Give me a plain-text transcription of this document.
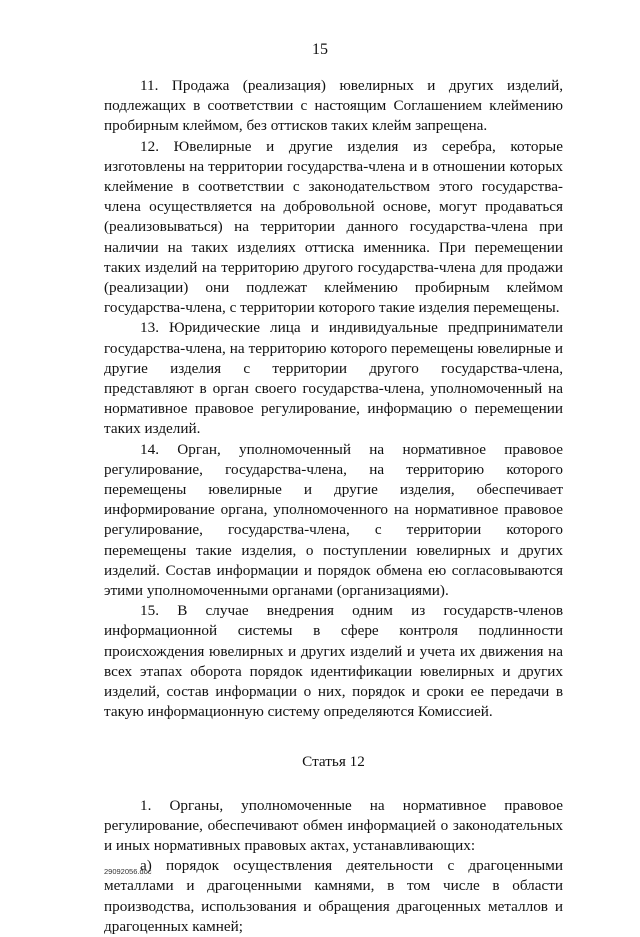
15

11. Продажа (реализация) ювелирных и других изделий, подлежащих в соответствии с настоящим Соглашением клеймению пробирным клеймом, без оттисков таких клейм запрещена.

12. Ювелирные и другие изделия из серебра, которые изготовлены на территории государства-члена и в отношении которых клеймение в соответствии с законодательством этого государства-члена осуществляется на добровольной основе, могут продаваться (реализовываться) на территории данного государства-члена при наличии на таких изделиях оттиска именника. При перемещении таких изделий на территорию другого государства-члена для продажи (реализации) они подлежат клеймению пробирным клеймом государства-члена, с территории которого такие изделия перемещены.

13. Юридические лица и индивидуальные предприниматели государства-члена, на территорию которого перемещены ювелирные и другие изделия с территории другого государства-члена, представляют в орган своего государства-члена, уполномоченный на нормативное правовое регулирование, информацию о перемещении таких изделий.

14. Орган, уполномоченный на нормативное правовое регулирование, государства-члена, на территорию которого перемещены ювелирные и другие изделия, обеспечивает информирование органа, уполномоченного на нормативное правовое регулирование, государства-члена, с территории которого перемещены такие изделия, о поступлении ювелирных и других изделий. Состав информации и порядок обмена ею согласовываются этими уполномоченными органами (организациями).

15. В случае внедрения одним из государств-членов информационной системы в сфере контроля подлинности происхождения ювелирных и других изделий и учета их движения на всех этапах оборота порядок идентификации ювелирных и других изделий, состав информации о них, порядок и сроки ее передачи в такую информационную систему определяются Комиссией.

Статья 12

1. Органы, уполномоченные на нормативное правовое регулирование, обеспечивают обмен информацией о законодательных и иных нормативных правовых актах, устанавливающих:

а) порядок осуществления деятельности с драгоценными металлами и драгоценными камнями, в том числе в области производства, использования и обращения драгоценных металлов и драгоценных камней;

29092056.doc
